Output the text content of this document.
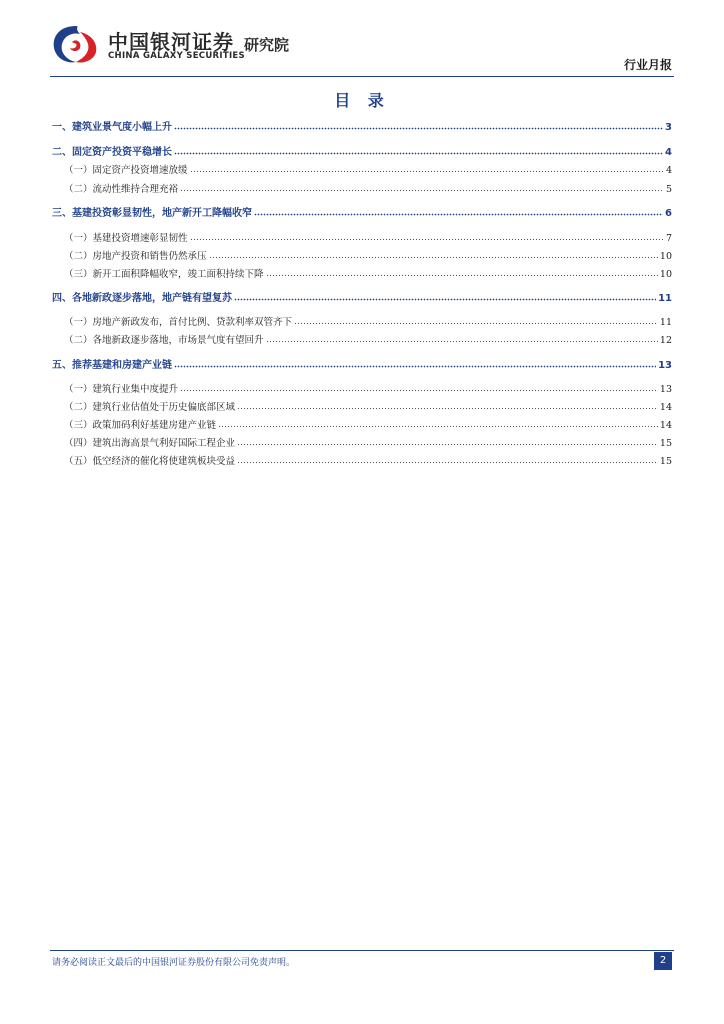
中国银河证券
CHINA GALAXY SECURITIES
研究院
行业月报
目 录
一、建筑业景气度小幅上升	3
二、固定资产投资平稳增长	4
（一）固定资产投资增速放缓	4
（二）流动性维持合理充裕	5
三、基建投资彰显韧性，地产新开工降幅收窄	6
（一）基建投资增速彰显韧性	7
（二）房地产投资和销售仍然承压	10
（三）新开工面积降幅收窄，竣工面积持续下降	10
四、各地新政逐步落地，地产链有望复苏	11
（一）房地产新政发布，首付比例、贷款利率双管齐下	11
（二）各地新政逐步落地，市场景气度有望回升	12
五、推荐基建和房建产业链	13
（一）建筑行业集中度提升	13
（二）建筑行业估值处于历史偏底部区域	14
（三）政策加码利好基建房建产业链	14
（四）建筑出海高景气利好国际工程企业	15
（五）低空经济的催化将使建筑板块受益	15
请务必阅读正文最后的中国银河证券股份有限公司免责声明。	2
